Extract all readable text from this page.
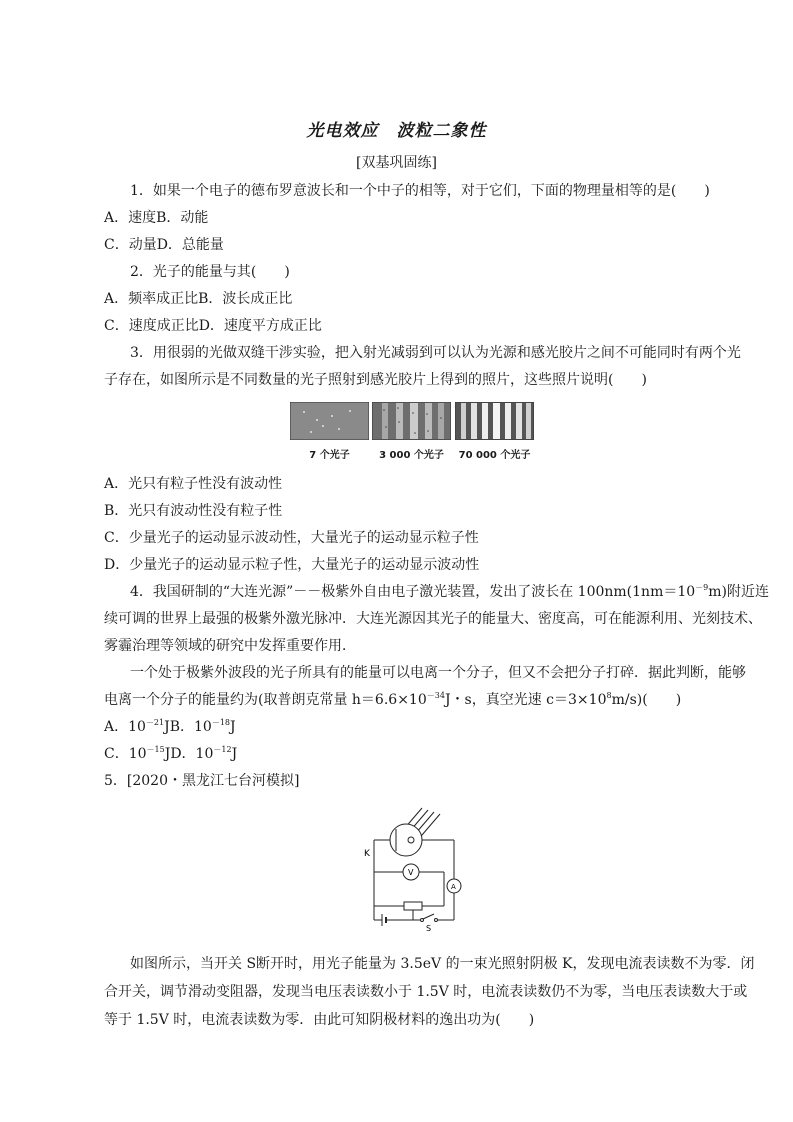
光电效应 波粒二象性
[双基巩固练]
1．如果一个电子的德布罗意波长和一个中子的相等，对于它们，下面的物理量相等的是( )
A．速度B．动能
C．动量D．总能量
2．光子的能量与其( )
A．频率成正比B．波长成正比
C．速度成正比D．速度平方成正比
3．用很弱的光做双缝干涉实验，把入射光减弱到可以认为光源和感光胶片之间不可能同时有两个光
子存在，如图所示是不同数量的光子照射到感光胶片上得到的照片，这些照片说明( )
7 个光子	3 000 个光子	70 000 个光子
A．光只有粒子性没有波动性
B．光只有波动性没有粒子性
C．少量光子的运动显示波动性，大量光子的运动显示粒子性
D．少量光子的运动显示粒子性，大量光子的运动显示波动性
4．我国研制的“大连光源”－－极紫外自由电子激光装置，发出了波长在 $100nm(1nm=10^{-9}m)$附近连
续可调的世界上最强的极紫外激光脉冲．大连光源因其光子的能量大、密度高，可在能源利用、光刻技术、
雾霾治理等领域的研究中发挥重要作用．
一个处于极紫外波段的光子所具有的能量可以电离一个分子，但又不会把分子打碎．据此判断，能够
电离一个分子的能量约为(取普朗克常量 $h=6.6\times 10^{-34}J$・s，真空光速 $c=3\times 10^8m/s$)( )
A．$10^{-21}JB$．$10^{-18}J$
C．$10^{-15}JD$．$10^{-12}J$
5．[2020・黑龙江七台河模拟]
K
V
A
S
如图所示，当开关 S断开时，用光子能量为 3.5eV 的一束光照射阴极 K，发现电流表读数不为零．闭
合开关，调节滑动变阻器，发现当电压表读数小于 1.5V 时，电流表读数仍不为零，当电压表读数大于或
等于 1.5V 时，电流表读数为零．由此可知阴极材料的逸出功为( )
